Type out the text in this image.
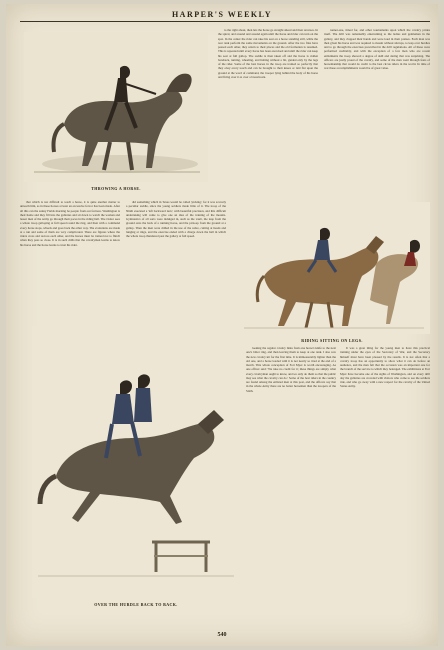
HARPER'S WEEKLY
THROWING A HORSE.

to the right about, then lets the horse go straight ahead and then reverses. In the spiral, and around and around again until the horse and rider can turn on the spot. In the center the rider can take his seat on a horse standing still, while the rear rank perform the same movements on the ground. After the two files have passed each other, they return to their places and the old formation is resumed. This is repeated until every horse has been exercised and until the rider can keep his seat at full gallop. The saddle is then taken off and the horse is ridden bareback, turning, wheeling, and halting without a bit, guided only by the legs of the rider. Some of the best horses in the troop are trained so perfectly that they obey every touch and can be brought to their knees or laid flat upon the ground at the word of command, the trooper lying behind the body of his horse and firing over it as over a breastwork.

tonnet-one, timed for, and other tournaments upon which the cavalry prides itself. The drill was remarkably entertaining to the ladies and gentlemen in the gallery, and they clapped their hands and were loud in their praises. Each man was then given his horse and was required to mount without stirrups, to leap over hurdles and to go through the exercises prescribed in the drill regulations. All of these were performed creditably, and with the exception of a few men who are recent enlistments the troop showed a degree of skill and daring that was surprising. The officers are justly proud of the cavalry, and some of the men went through feats of horsemanship that would do credit to the best circus riders in the world. In time of war these accomplishments would be of great value.

that which is not difficult to teach a horse, it is quite another matter to unteach him, as in these horses at least an excessive fervor has been made. After all this can the sunny Fields morning be people from our fortress. Washington is their home and they fill into the galleries and sit down to watch the women and lesser men of the Army go through their paces in the riding hall. The visitor sees a whole troop galloping at full speed round the ring, and then with a command every horse stops, wheels and goes back the other way. The evolutions are made at a run and some of them are very complicated. There are figures where the riders cross and recross each other, and the horses must be trained not to flinch when they pass so close. It is in such drills that the cavalryman learns to know his horse and the horse learns to trust his rider.

did something which in Texas would be called 'picking,' for it was scarcely a peculiar saddle, since the young soldiers made little of it. The troop of the Ninth executed a 'left backward turn,' with beautiful precision, and this difficult undertaking will come to give one an idea of the training of the mounts. Gymnastics of all sorts were indulged in, such as the vault, the leap from the ground onto the back of a running horse, and the pick-up from the ground at a gallop. Then the men were drilled in the use of the sabre, cutting at heads and lunging at rings, and the exercise ended with a charge down the hall in which the whole troop thundered past the gallery at full speed.

RIDING SITTING ON LEGS.
OVER THE HURDLE BACK TO BACK.

looking the regular cavalry links from one horse's knife to the next one's bitter ring, and then leaving them to keep at one rank. I also saw the new cavalry kit for the first time. It is immeasurably lighter than the old one, and a horse loaded with it is not nearly so tired at the end of a march. This whole conception of Fort Myer is worth encouraging. As one officer said: 'We take no credit for it; these things are simply what every cavalryman ought to know, and we only do them so that the public may see what the cavalry can do.' Some of the best riders in the country are found among the enlisted men at this post, and the officers say that in the whole Army there are no better horsemen than the troopers of the Sixth.

It was a great thing for the young men to have this practical training under the eyes of the Secretary of War, and the Secretary himself must have been pleased by the results. It is not often that a cavalry troop has an opportunity to show what it can do before an audience, and the men felt that the occasion was an important one for the branch of the service to which they belonged. The exhibitions at Fort Myer have become one of the sights of Washington, and on every drill day the galleries are crowded with visitors who come to see the soldiers ride, and who go away with a new respect for the cavalry of the United States Army.

540
